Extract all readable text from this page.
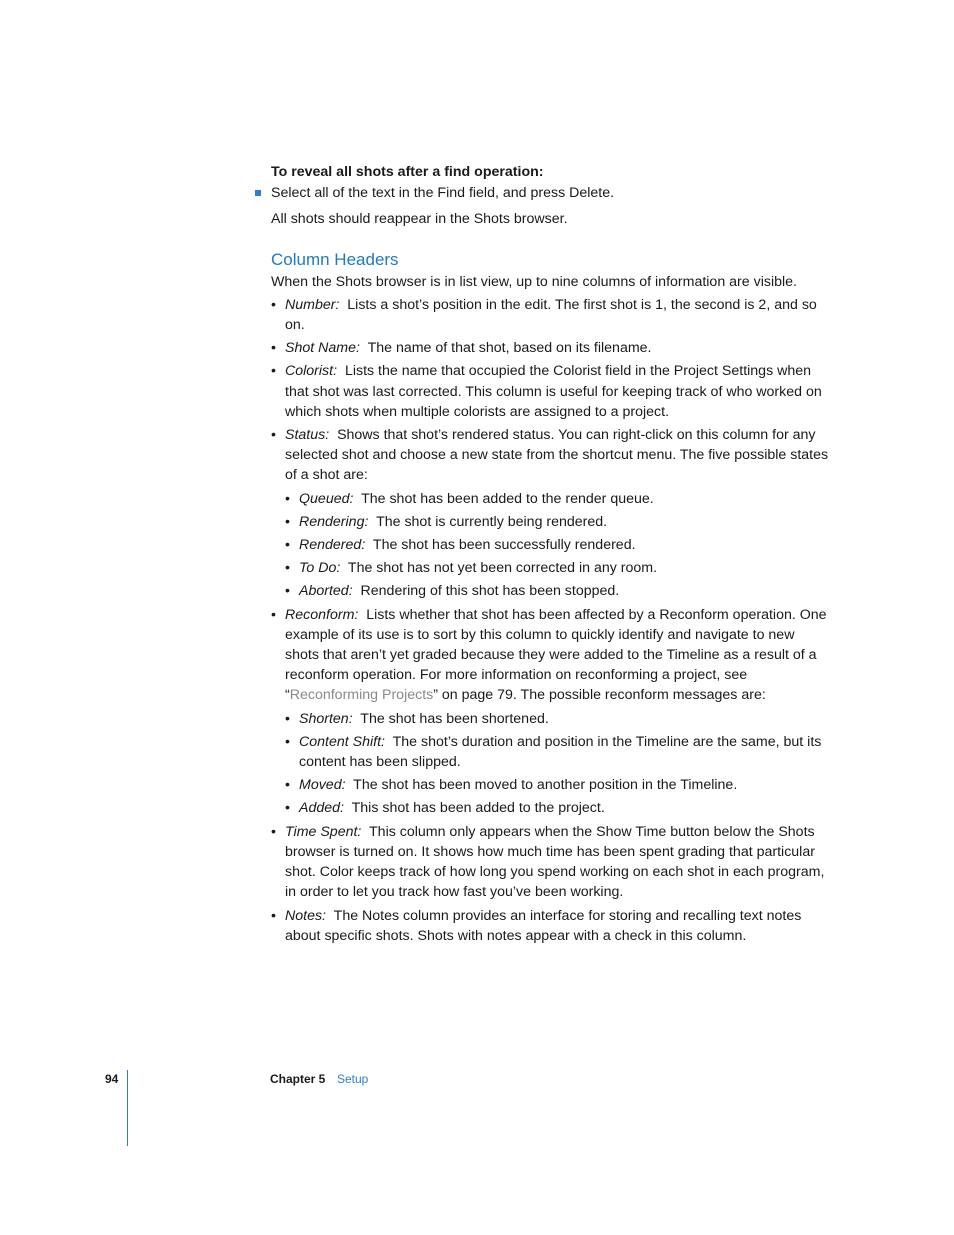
To reveal all shots after a find operation:

Select all of the text in the Find field, and press Delete.

All shots should reappear in the Shots browser.

Column Headers

When the Shots browser is in list view, up to nine columns of information are visible.

• Number: Lists a shot’s position in the edit. The first shot is 1, the second is 2, and so on.
• Shot Name: The name of that shot, based on its filename.
• Colorist: Lists the name that occupied the Colorist field in the Project Settings when that shot was last corrected. This column is useful for keeping track of who worked on which shots when multiple colorists are assigned to a project.
• Status: Shows that shot’s rendered status. You can right-click on this column for any selected shot and choose a new state from the shortcut menu. The five possible states of a shot are:
• Queued: The shot has been added to the render queue.
• Rendering: The shot is currently being rendered.
• Rendered: The shot has been successfully rendered.
• To Do: The shot has not yet been corrected in any room.
• Aborted: Rendering of this shot has been stopped.
• Reconform: Lists whether that shot has been affected by a Reconform operation. One example of its use is to sort by this column to quickly identify and navigate to new shots that aren’t yet graded because they were added to the Timeline as a result of a reconform operation. For more information on reconforming a project, see “Reconforming Projects” on page 79. The possible reconform messages are:
• Shorten: The shot has been shortened.
• Content Shift: The shot’s duration and position in the Timeline are the same, but its content has been slipped.
• Moved: The shot has been moved to another position in the Timeline.
• Added: This shot has been added to the project.
• Time Spent: This column only appears when the Show Time button below the Shots browser is turned on. It shows how much time has been spent grading that particular shot. Color keeps track of how long you spend working on each shot in each program, in order to let you track how fast you’ve been working.
• Notes: The Notes column provides an interface for storing and recalling text notes about specific shots. Shots with notes appear with a check in this column.
94	Chapter 5 Setup
